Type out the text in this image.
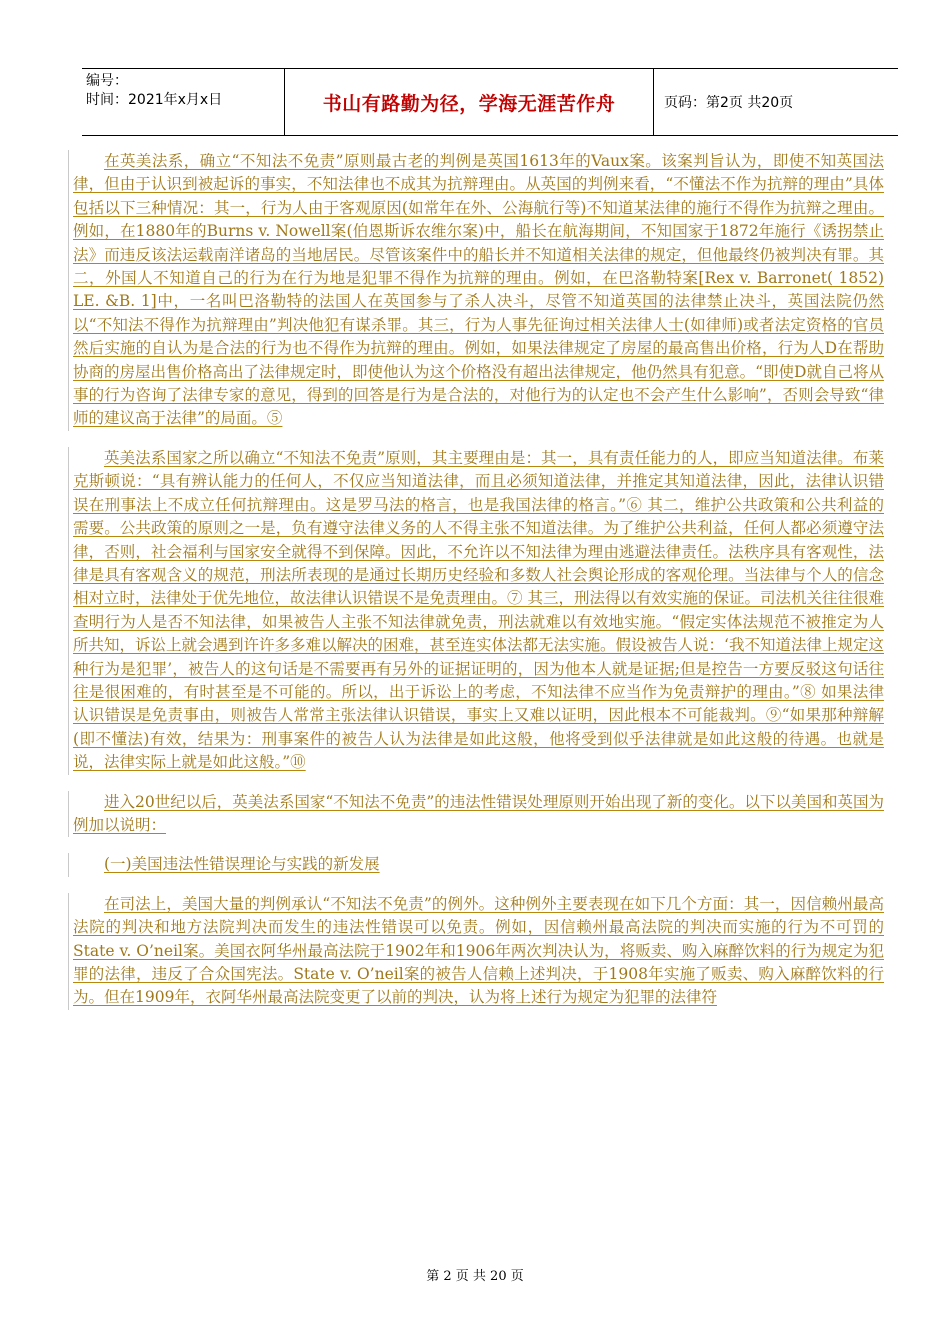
编号：
时间：2021年x月x日	书山有路勤为径，学海无涯苦作舟	页码：第2页 共20页

在英美法系，确立“不知法不免责”原则最古老的判例是英国1613年的Vaux案。该案判旨认为，即使不知英国法律，但由于认识到被起诉的事实，不知法律也不成其为抗辩理由。从英国的判例来看，“不懂法不作为抗辩的理由”具体包括以下三种情况：其一，行为人由于客观原因(如常年在外、公海航行等)不知道某法律的施行不得作为抗辩之理由。例如，在1880年的Burns v. Nowell案(伯恩斯诉农维尔案)中，船长在航海期间，不知国家于1872年施行《诱拐禁止法》而违反该法运载南洋诸岛的当地居民。尽管该案件中的船长并不知道相关法律的规定，但他最终仍被判决有罪。其二，外国人不知道自己的行为在行为地是犯罪不得作为抗辩的理由。例如，在巴洛勒特案[Rex v. Barronet( 1852) LE. &B. 1]中，一名叫巴洛勒特的法国人在英国参与了杀人决斗，尽管不知道英国的法律禁止决斗，英国法院仍然以“不知法不得作为抗辩理由”判决他犯有谋杀罪。其三，行为人事先征询过相关法律人士(如律师)或者法定资格的官员然后实施的自认为是合法的行为也不得作为抗辩的理由。例如，如果法律规定了房屋的最高售出价格，行为人D在帮助协商的房屋出售价格高出了法律规定时，即使他认为这个价格没有超出法律规定，他仍然具有犯意。“即使D就自己将从事的行为咨询了法律专家的意见，得到的回答是行为是合法的，对他行为的认定也不会产生什么影响”，否则会导致“律师的建议高于法律”的局面。⑤

英美法系国家之所以确立“不知法不免责”原则，其主要理由是：其一，具有责任能力的人，即应当知道法律。布莱克斯顿说：“具有辨认能力的任何人，不仅应当知道法律，而且必须知道法律，并推定其知道法律，因此，法律认识错误在刑事法上不成立任何抗辩理由。这是罗马法的格言，也是我国法律的格言。”⑥ 其二，维护公共政策和公共利益的需要。公共政策的原则之一是，负有遵守法律义务的人不得主张不知道法律。为了维护公共利益，任何人都必须遵守法律，否则，社会福利与国家安全就得不到保障。因此，不允许以不知法律为理由逃避法律责任。法秩序具有客观性，法律是具有客观含义的规范，刑法所表现的是通过长期历史经验和多数人社会舆论形成的客观伦理。当法律与个人的信念相对立时，法律处于优先地位，故法律认识错误不是免责理由。⑦ 其三，刑法得以有效实施的保证。司法机关往往很难查明行为人是否不知法律，如果被告人主张不知法律就免责，刑法就难以有效地实施。“假定实体法规范不被推定为人所共知，诉讼上就会遇到许许多多难以解决的困难，甚至连实体法都无法实施。假设被告人说：‘我不知道法律上规定这种行为是犯罪’，被告人的这句话是不需要再有另外的证据证明的，因为他本人就是证据;但是控告一方要反驳这句话往往是很困难的，有时甚至是不可能的。所以，出于诉讼上的考虑，不知法律不应当作为免责辩护的理由。”⑧ 如果法律认识错误是免责事由，则被告人常常主张法律认识错误，事实上又难以证明，因此根本不可能裁判。⑨“如果那种辩解(即不懂法)有效，结果为：刑事案件的被告人认为法律是如此这般，他将受到似乎法律就是如此这般的待遇。也就是说，法律实际上就是如此这般。”⑩

进入20世纪以后，英美法系国家“不知法不免责”的违法性错误处理原则开始出现了新的变化。以下以美国和英国为例加以说明：

(一)美国违法性错误理论与实践的新发展

在司法上，美国大量的判例承认“不知法不免责”的例外。这种例外主要表现在如下几个方面：其一，因信赖州最高法院的判决和地方法院判决而发生的违法性错误可以免责。例如，因信赖州最高法院的判决而实施的行为不可罚的State v. O’neil案。美国衣阿华州最高法院于1902年和1906年两次判决认为，将贩卖、购入麻醉饮料的行为规定为犯罪的法律，违反了合众国宪法。State v. O’neil案的被告人信赖上述判决，于1908年实施了贩卖、购入麻醉饮料的行为。但在1909年，衣阿华州最高法院变更了以前的判决，认为将上述行为规定为犯罪的法律符

第 2 页 共 20 页
